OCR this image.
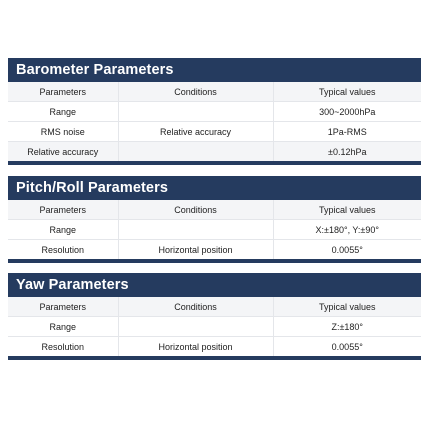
Barometer Parameters
Parameters	Conditions	Typical values
Range		300~2000hPa
RMS noise	Relative accuracy	1Pa-RMS
Relative accuracy		±0.12hPa
Pitch/Roll Parameters
Parameters	Conditions	Typical values
Range		X:±180°, Y:±90°
Resolution	Horizontal position	0.0055°
Yaw Parameters
Parameters	Conditions	Typical values
Range		Z:±180°
Resolution	Horizontal position	0.0055°
